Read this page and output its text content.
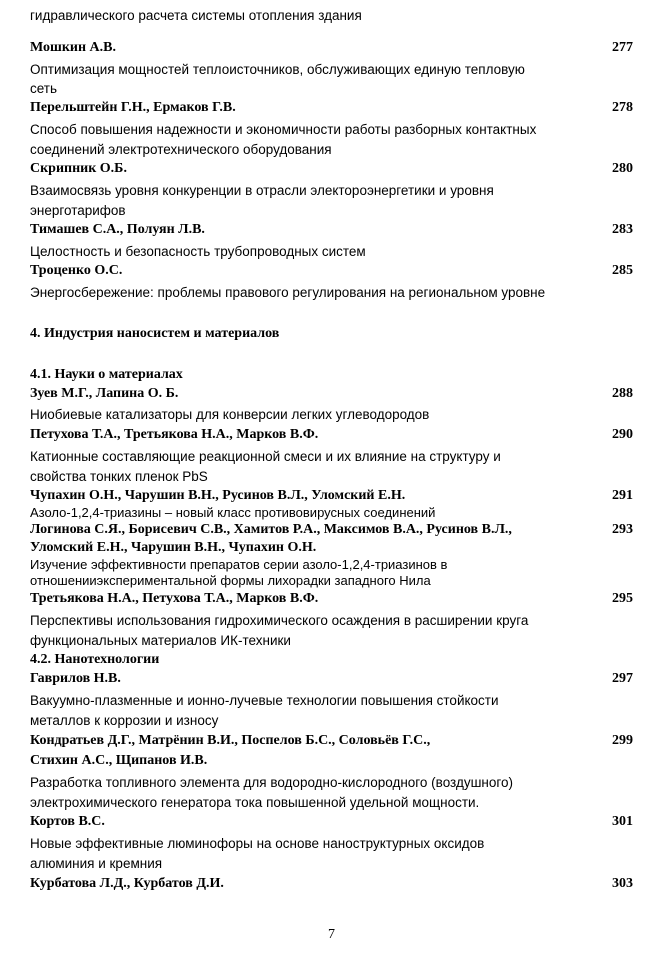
гидравлического расчета системы отопления здания
Мошкин А.В.	277
Оптимизация мощностей теплоисточников, обслуживающих единую тепловую
сеть
Перельштейн Г.Н., Ермаков Г.В.	278
Способ повышения надежности и экономичности работы разборных контактных
соединений электротехнического оборудования
Скрипник О.Б.	280
Взаимосвязь уровня конкуренции в отрасли электороэнергетики и уровня
энерготарифов
Тимашев С.А., Полуян Л.В.	283
Целостность и безопасность трубопроводных систем
Троценко О.С.	285
Энергосбережение: проблемы правового регулирования на региональном уровне
4. Индустрия наносистем и материалов
4.1. Науки о материалах
Зуев М.Г., Лапина О. Б.	288
Ниобиевые катализаторы для конверсии легких углеводородов
Петухова Т.А., Третьякова Н.А., Марков В.Ф.	290
Катионные составляющие реакционной смеси и их влияние на структуру и
свойства тонких пленок PbS
Чупахин О.Н., Чарушин В.Н., Русинов В.Л., Уломский Е.Н.	291
Азоло-1,2,4-триазины – новый класс противовирусных соединений
Логинова С.Я., Борисевич С.В., Хамитов Р.А., Максимов В.А., Русинов В.Л.,	293
Уломский Е.Н., Чарушин В.Н., Чупахин О.Н.
Изучение эффективности препаратов серии азоло-1,2,4-триазинов в
отношенииэкспериментальной формы лихорадки западного Нила
Третьякова Н.А., Петухова Т.А., Марков В.Ф.	295
Перспективы использования гидрохимического осаждения в расширении круга
функциональных материалов ИК-техники
4.2. Нанотехнологии
Гаврилов Н.В.	297
Вакуумно-плазменные и ионно-лучевые технологии повышения стойкости
металлов к коррозии и износу
Кондратьев Д.Г., Матрёнин В.И., Поспелов Б.С., Соловьёв Г.С.,	299
Стихин А.С., Щипанов И.В.
Разработка топливного элемента для водородно-кислородного (воздушного)
электрохимического генератора тока повышенной удельной мощности.
Кортов В.С.	301
Новые эффективные люминофоры на основе наноструктурных оксидов
алюминия и кремния
Курбатова Л.Д., Курбатов Д.И.	303
7
